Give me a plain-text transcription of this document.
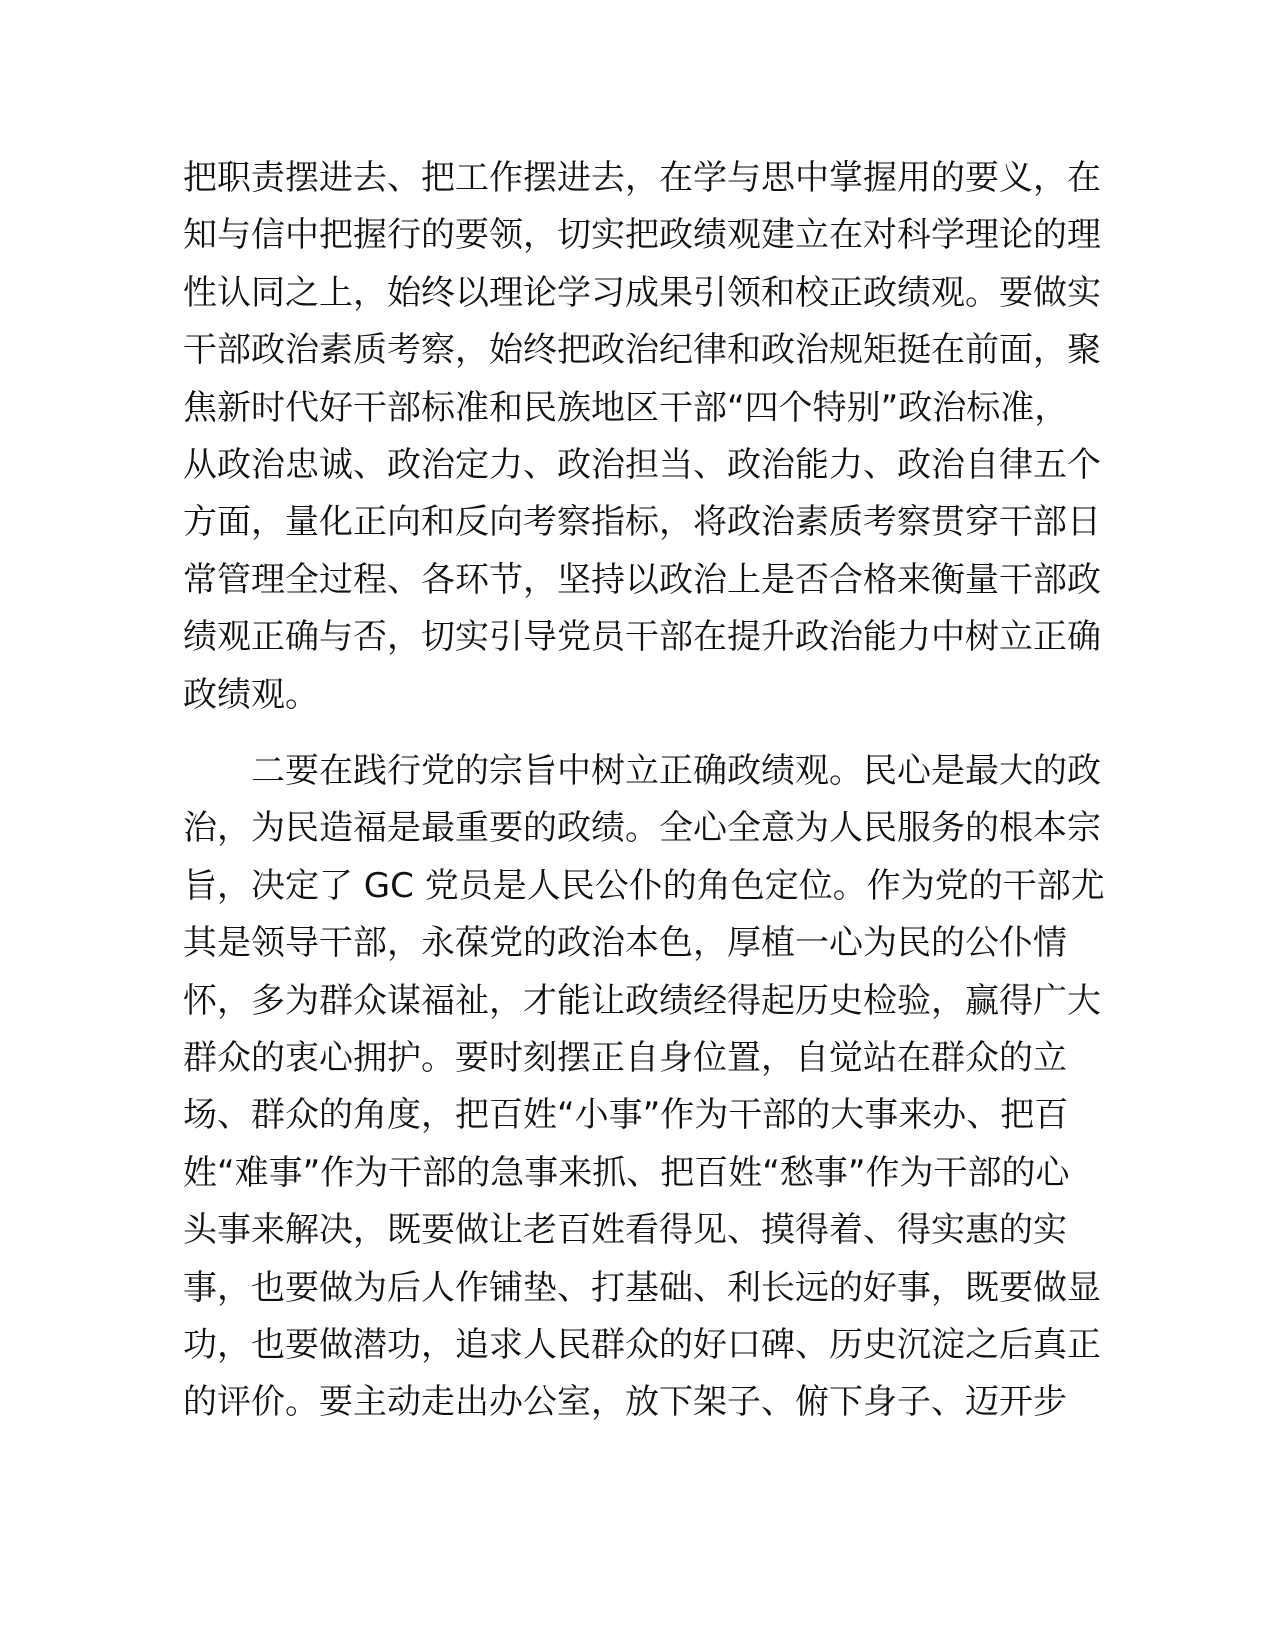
把职责摆进去、把工作摆进去，在学与思中掌握用的要义，在
知与信中把握行的要领，切实把政绩观建立在对科学理论的理
性认同之上，始终以理论学习成果引领和校正政绩观。要做实
干部政治素质考察，始终把政治纪律和政治规矩挺在前面，聚
焦新时代好干部标准和民族地区干部“四个特别”政治标准，
从政治忠诚、政治定力、政治担当、政治能力、政治自律五个
方面，量化正向和反向考察指标，将政治素质考察贯穿干部日
常管理全过程、各环节，坚持以政治上是否合格来衡量干部政
绩观正确与否，切实引导党员干部在提升政治能力中树立正确
政绩观。
二要在践行党的宗旨中树立正确政绩观。民心是最大的政
治，为民造福是最重要的政绩。全心全意为人民服务的根本宗
旨，决定了 GC 党员是人民公仆的角色定位。作为党的干部尤
其是领导干部，永葆党的政治本色，厚植一心为民的公仆情
怀，多为群众谋福祉，才能让政绩经得起历史检验，赢得广大
群众的衷心拥护。要时刻摆正自身位置，自觉站在群众的立
场、群众的角度，把百姓“小事”作为干部的大事来办、把百
姓“难事”作为干部的急事来抓、把百姓“愁事”作为干部的心
头事来解决，既要做让老百姓看得见、摸得着、得实惠的实
事，也要做为后人作铺垫、打基础、利长远的好事，既要做显
功，也要做潜功，追求人民群众的好口碑、历史沉淀之后真正
的评价。要主动走出办公室，放下架子、俯下身子、迈开步
